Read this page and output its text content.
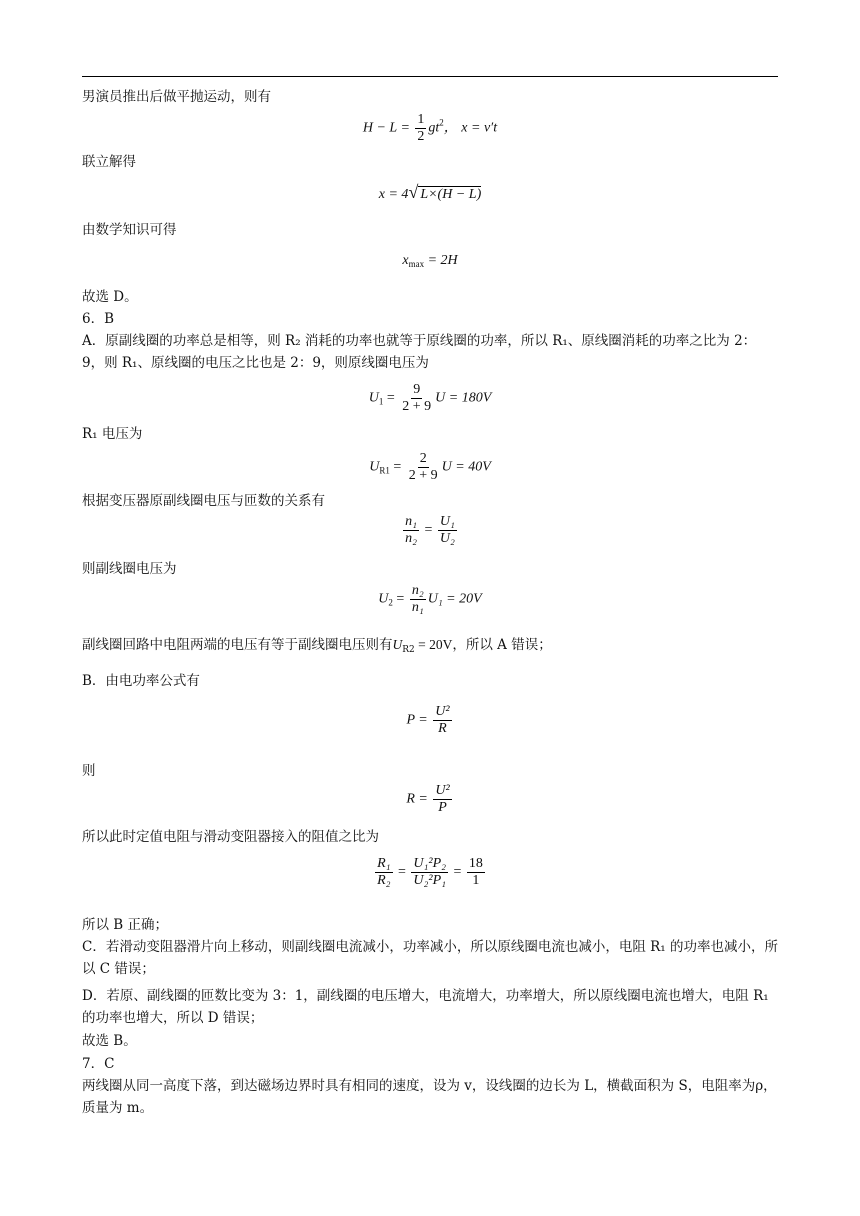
男演员推出后做平抛运动，则有
$H - L = \frac{1}{2} gt^2$， x = v′t
联立解得
x = 4√ L×(H − L)
由数学知识可得
$x_{max} = 2H$
故选 D。
6．B
A．原副线圈的功率总是相等，则 R₂ 消耗的功率也就等于原线圈的功率，所以 R₁、原线圈消耗的功率之比为 2：9，则 R₁、原线圈的电压之比也是 2：9，则原线圈电压为
$U_1 = \frac{9}{2 + 9}$ U = 180V
R₁ 电压为
$U_{R1} = \frac{2}{2 + 9}$ U = 40V
根据变压器原副线圈电压与匝数的关系有
$\frac{\text{n₁}}{\text{n₂}} = \frac{\text{U₁}}{\text{U₂}}$
则副线圈电压为
$U_2 = \frac{\text{n₂}}{\text{n₁}} U_1 = 20V$
副线圈回路中电阻两端的电压有等于副线圈电压则有$U_{R2} = 20V$，所以 A 错误；
B．由电功率公式有
$P = \frac{\text{U²}}{R}$
则
$R = \frac{\text{U²}}{P}$
所以此时定值电阻与滑动变阻器接入的阻值之比为
$\frac{\text{R₁}}{\text{R₂}} = \frac{\text{U₁²P₂}}{\text{U₂²P₁}} = \frac{18}{1}$
所以 B 正确；
C．若滑动变阻器滑片向上移动，则副线圈电流减小，功率减小，所以原线圈电流也减小，电阻 R₁ 的功率也减小，所以 C 错误；
D．若原、副线圈的匝数比变为 3：1，副线圈的电压增大，电流增大，功率增大，所以原线圈电流也增大，电阻 R₁ 的功率也增大，所以 D 错误；
故选 B。
7．C
两线圈从同一高度下落，到达磁场边界时具有相同的速度，设为 v，设线圈的边长为 L，横截面积为 S，电阻率为ρ，质量为 m。
